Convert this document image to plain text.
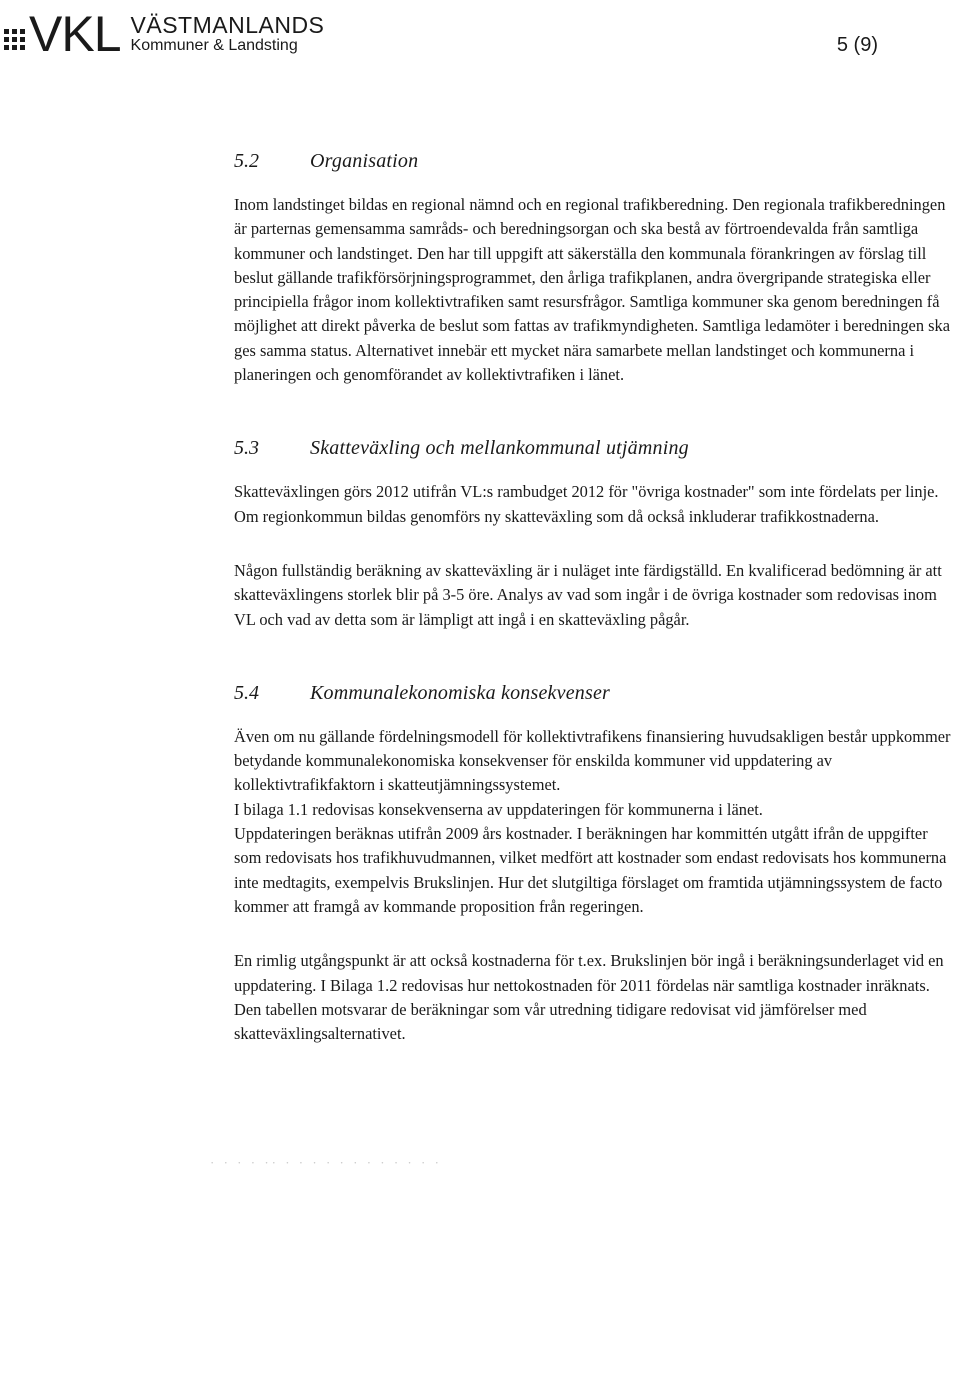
VKL VÄSTMANLANDS
Kommuner & Landsting	5 (9)
5.2	Organisation

Inom landstinget bildas en regional nämnd och en regional trafikberedning. Den regionala trafikberedningen är parternas gemensamma samråds- och beredningsorgan och ska bestå av förtroendevalda från samtliga kommuner och landstinget. Den har till uppgift att säkerställa den kommunala förankringen av förslag till beslut gällande trafikförsörjningsprogrammet, den årliga trafikplanen, andra övergripande strategiska eller principiella frågor inom kollektivtrafiken samt resursfrågor. Samtliga kommuner ska genom beredningen få möjlighet att direkt påverka de beslut som fattas av trafikmyndigheten. Samtliga ledamöter i beredningen ska ges samma status. Alternativet innebär ett mycket nära samarbete mellan landstinget och kommunerna i planeringen och genomförandet av kollektivtrafiken i länet.

5.3	Skatteväxling och mellankommunal utjämning

Skatteväxlingen görs 2012 utifrån VL:s rambudget 2012 för "övriga kostnader" som inte fördelats per linje. Om regionkommun bildas genomförs ny skatteväxling som då också inkluderar trafikkostnaderna.

Någon fullständig beräkning av skatteväxling är i nuläget inte färdigställd. En kvalificerad bedömning är att skatteväxlingens storlek blir på 3-5 öre. Analys av vad som ingår i de övriga kostnader som redovisas inom VL och vad av detta som är lämpligt att ingå i en skatteväxling pågår.

5.4	Kommunalekonomiska konsekvenser

Även om nu gällande fördelningsmodell för kollektivtrafikens finansiering huvudsakligen består uppkommer betydande kommunalekonomiska konsekvenser för enskilda kommuner vid uppdatering av kollektivtrafikfaktorn i skatteutjämningssystemet.

I bilaga 1.1 redovisas konsekvenserna av uppdateringen för kommunerna i länet.

Uppdateringen beräknas utifrån 2009 års kostnader. I beräkningen har kommittén utgått ifrån de uppgifter som redovisats hos trafikhuvudmannen, vilket medfört att kostnader som endast redovisats hos kommunerna inte medtagits, exempelvis Brukslinjen. Hur det slutgiltiga förslaget om framtida utjämningssystem de facto kommer att framgå av kommande proposition från regeringen.

En rimlig utgångspunkt är att också kostnaderna för t.ex. Brukslinjen bör ingå i beräkningsunderlaget vid en uppdatering. I Bilaga 1.2 redovisas hur nettokostnaden för 2011 fördelas när samtliga kostnader inräknats. Den tabellen motsvarar de beräkningar som vår utredning tidigare redovisat vid jämförelser med skatteväxlingsalternativet.

· · · · ·· · · · · · · · · · · · ·
